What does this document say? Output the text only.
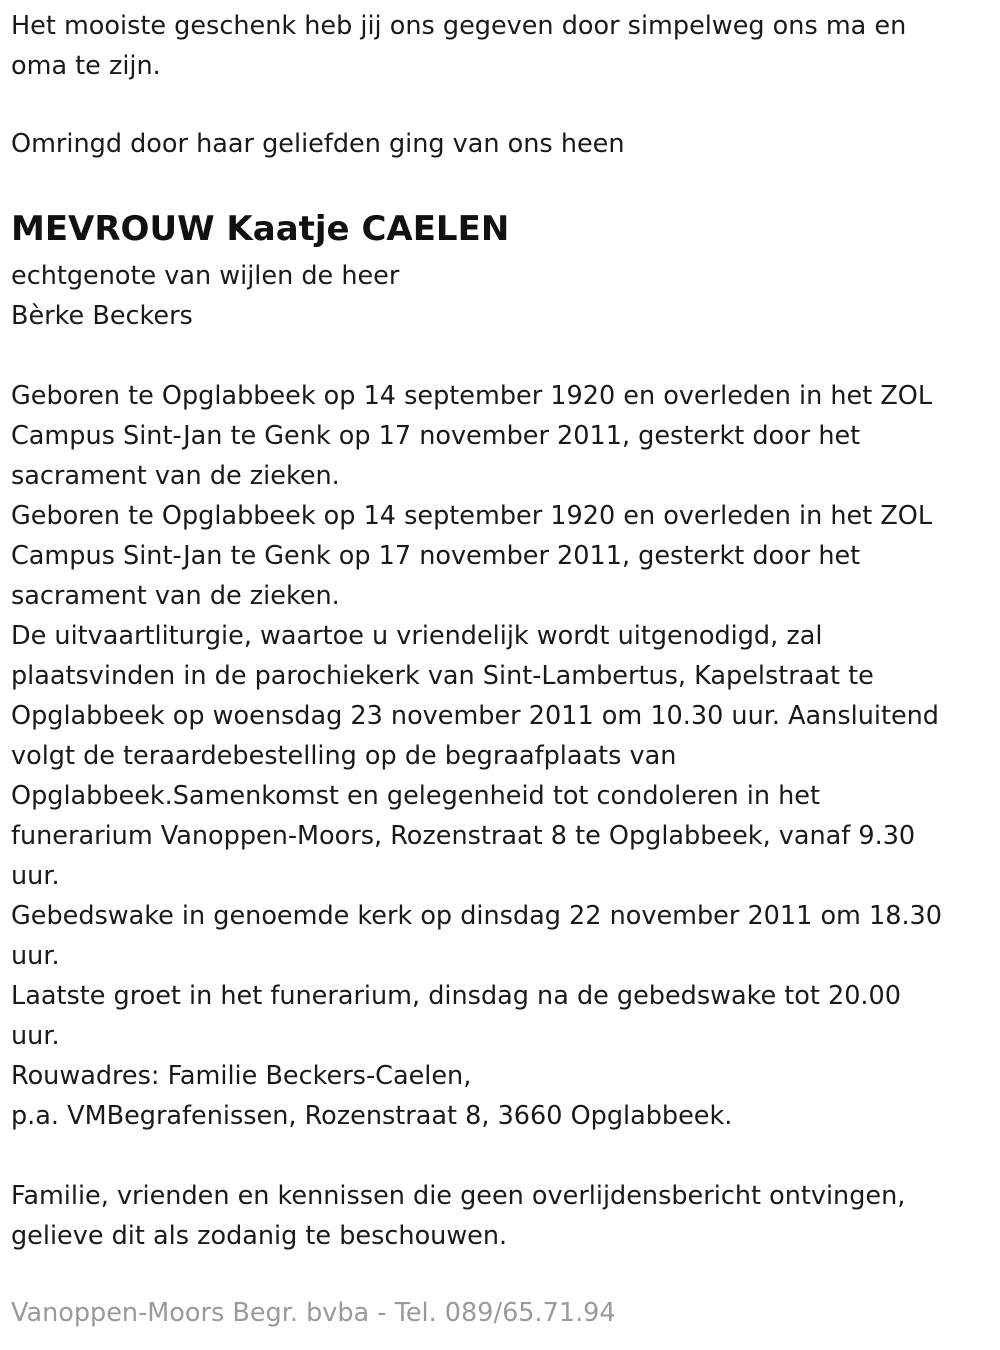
Het mooiste geschenk heb jij ons gegeven door simpelweg ons ma en
oma te zijn.
Omringd door haar geliefden ging van ons heen
MEVROUW Kaatje CAELEN
echtgenote van wijlen de heer
Bèrke Beckers
Geboren te Opglabbeek op 14 september 1920 en overleden in het ZOL
Campus Sint-Jan te Genk op 17 november 2011, gesterkt door het
sacrament van de zieken.
Geboren te Opglabbeek op 14 september 1920 en overleden in het ZOL
Campus Sint-Jan te Genk op 17 november 2011, gesterkt door het
sacrament van de zieken.
De uitvaartliturgie, waartoe u vriendelijk wordt uitgenodigd, zal
plaatsvinden in de parochiekerk van Sint-Lambertus, Kapelstraat te
Opglabbeek op woensdag 23 november 2011 om 10.30 uur. Aansluitend
volgt de teraardebestelling op de begraafplaats van
Opglabbeek.Samenkomst en gelegenheid tot condoleren in het
funerarium Vanoppen-Moors, Rozenstraat 8 te Opglabbeek, vanaf 9.30
uur.
Gebedswake in genoemde kerk op dinsdag 22 november 2011 om 18.30
uur.
Laatste groet in het funerarium, dinsdag na de gebedswake tot 20.00
uur.
Rouwadres: Familie Beckers-Caelen,
p.a. VMBegrafenissen, Rozenstraat 8, 3660 Opglabbeek.
Familie, vrienden en kennissen die geen overlijdensbericht ontvingen,
gelieve dit als zodanig te beschouwen.
Vanoppen-Moors Begr. bvba - Tel. 089/65.71.94
